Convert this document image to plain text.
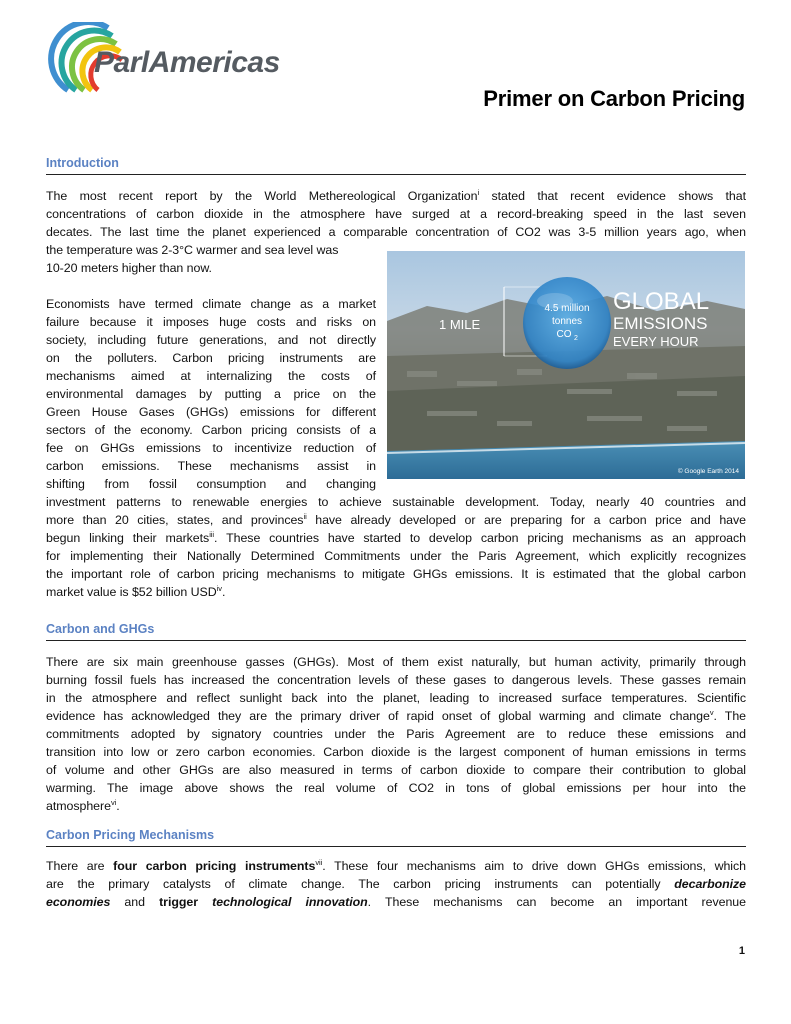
ParlAmericas
Primer on Carbon Pricing
Introduction

The most recent report by the World Methereological Organization$^i$ stated that recent evidence shows that
concentrations of carbon dioxide in the atmosphere have surged at a record-breaking speed in the last seven
decates. The last time the planet experienced a comparable concentration of CO2 was 3-5 million years ago, when
the temperature was 2-3°C warmer and sea level was
10-20 meters higher than now.

Economists have termed climate change as a market
failure because it imposes huge costs and risks on
society, including future generations, and not directly
on the polluters. Carbon pricing instruments are
mechanisms aimed at internalizing the costs of
environmental damages by putting a price on the
Green House Gases (GHGs) emissions for different
sectors of the economy. Carbon pricing consists of a
fee on GHGs emissions to incentivize reduction of
carbon emissions. These mechanisms assist in
shifting from fossil consumption and changing

investment patterns to renewable energies to achieve sustainable development. Today, nearly 40 countries and
more than 20 cities, states, and provinces$^{ii}$ have already developed or are preparing for a carbon price and have
begun linking their markets$^{iii}$. These countries have started to develop carbon pricing mechanisms as an approach
for implementing their Nationally Determined Commitments under the Paris Agreement, which explicitly recognizes
the important role of carbon pricing mechanisms to mitigate GHGs emissions. It is estimated that the global carbon
market value is $52 billion USD$^{iv}$.

1 MILE
4.5 million
tonnes
CO 2
GLOBAL
EMISSIONS
EVERY HOUR
© Google Earth 2014
Carbon and GHGs

There are six main greenhouse gasses (GHGs). Most of them exist naturally, but human activity, primarily through
burning fossil fuels has increased the concentration levels of these gases to dangerous levels. These gasses remain
in the atmosphere and reflect sunlight back into the planet, leading to increased surface temperatures. Scientific
evidence has acknowledged they are the primary driver of rapid onset of global warming and climate change$^v$. The
commitments adopted by signatory countries under the Paris Agreement are to reduce these emissions and
transition into low or zero carbon economies. Carbon dioxide is the largest component of human emissions in terms
of volume and other GHGs are also measured in terms of carbon dioxide to compare their contribution to global
warming. The image above shows the real volume of CO2 in tons of global emissions per hour into the
atmosphere$^{vi}$.

Carbon Pricing Mechanisms

There are four carbon pricing instruments$^{vii}$. These four mechanisms aim to drive down GHGs emissions, which
are the primary catalysts of climate change. The carbon pricing instruments can potentially decarbonize
economies and trigger technological innovation. These mechanisms can become an important revenue

1
